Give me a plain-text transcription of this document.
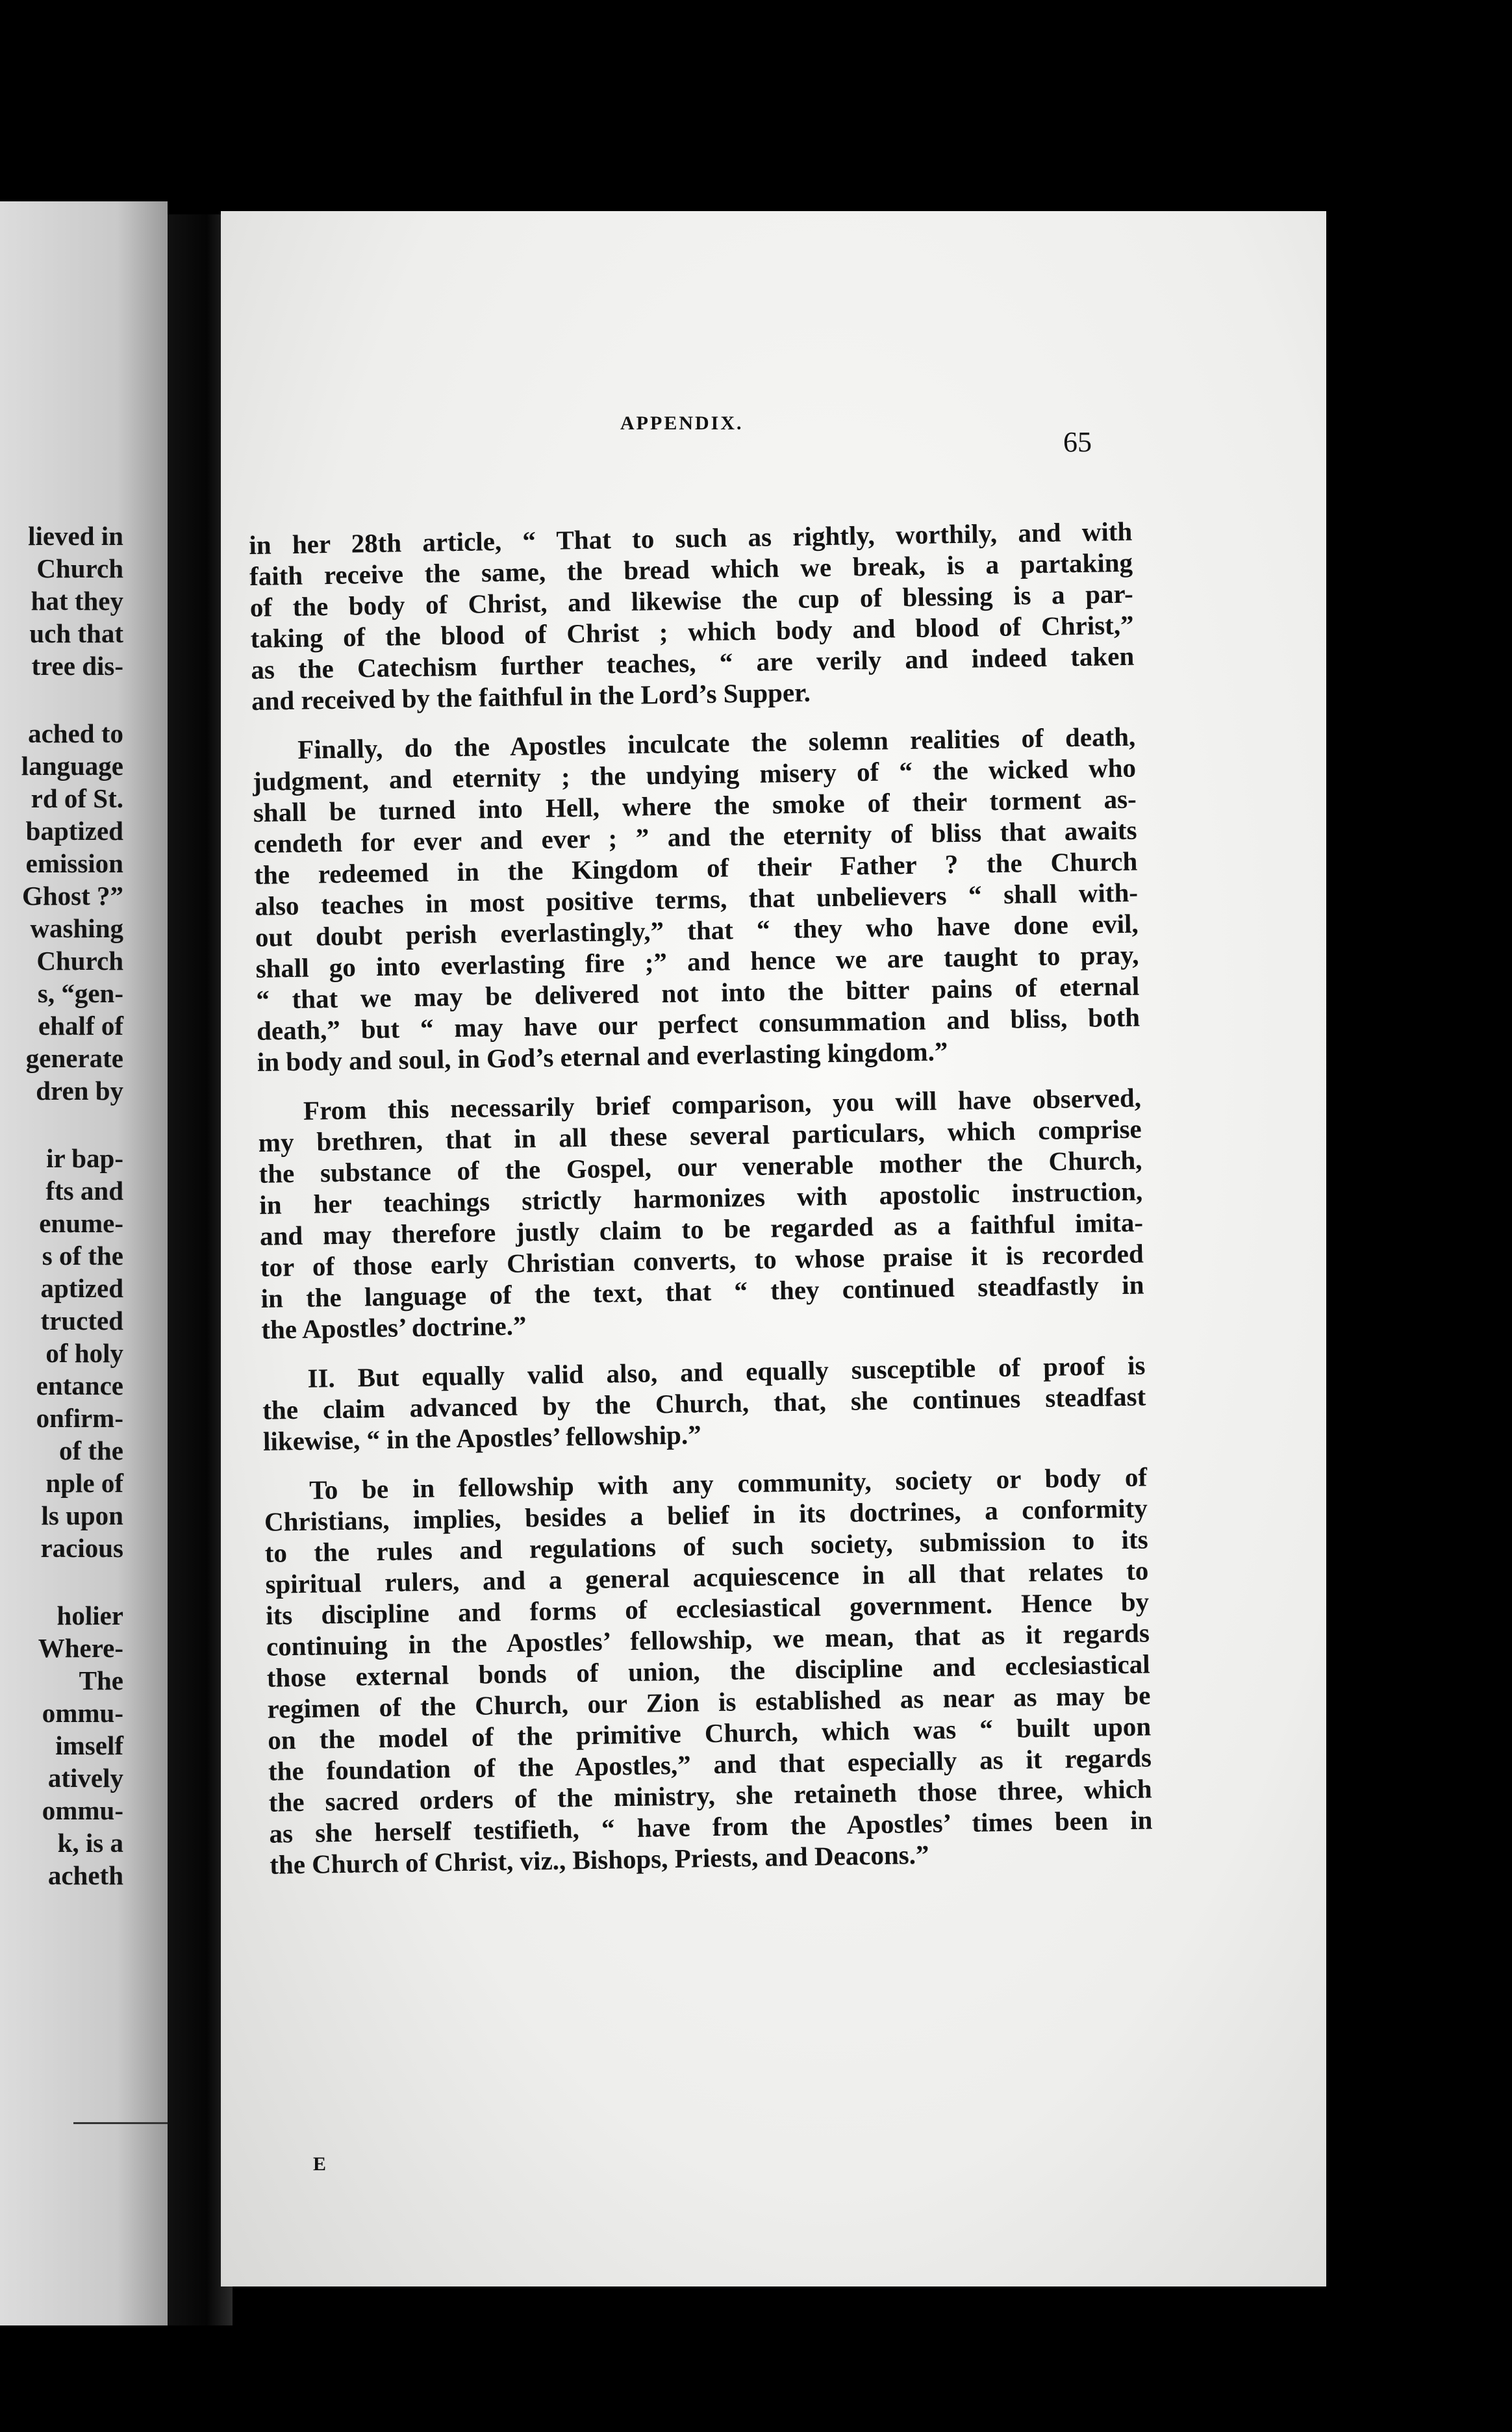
lieved in
Church
hat they
uch that
tree dis-
ached to
language
rd of St.
baptized
emission
Ghost ?”
washing
Church
s, “gen-
ehalf of
generate
dren by
ir bap-
fts and
enume-
s of the
aptized
tructed
of holy
entance
onfirm-
of the
nple of
ls upon
racious
holier
Where-
The
ommu-
imself
atively
ommu-
k, is a
acheth
APPENDIX.
65
in her 28th article, “ That to such as rightly, worthily, and with
faith receive the same, the bread which we break, is a partaking
of the body of Christ, and likewise the cup of blessing is a par-
taking of the blood of Christ ; which body and blood of Christ,”
as the Catechism further teaches, “ are verily and indeed taken
and received by the faithful in the Lord’s Supper.
Finally, do the Apostles inculcate the solemn realities of death,
judgment, and eternity ; the undying misery of “ the wicked who
shall be turned into Hell, where the smoke of their torment as-
cendeth for ever and ever ; ” and the eternity of bliss that awaits
the redeemed in the Kingdom of their Father ? the Church
also teaches in most positive terms, that unbelievers “ shall with-
out doubt perish everlastingly,” that “ they who have done evil,
shall go into everlasting fire ;” and hence we are taught to pray,
“ that we may be delivered not into the bitter pains of eternal
death,” but “ may have our perfect consummation and bliss, both
in body and soul, in God’s eternal and everlasting kingdom.”
From this necessarily brief comparison, you will have observed,
my brethren, that in all these several particulars, which comprise
the substance of the Gospel, our venerable mother the Church,
in her teachings strictly harmonizes with apostolic instruction,
and may therefore justly claim to be regarded as a faithful imita-
tor of those early Christian converts, to whose praise it is recorded
in the language of the text, that “ they continued steadfastly in
the Apostles’ doctrine.”
II. But equally valid also, and equally susceptible of proof is
the claim advanced by the Church, that, she continues steadfast
likewise, “ in the Apostles’ fellowship.”
To be in fellowship with any community, society or body of
Christians, implies, besides a belief in its doctrines, a conformity
to the rules and regulations of such society, submission to its
spiritual rulers, and a general acquiescence in all that relates to
its discipline and forms of ecclesiastical government. Hence by
continuing in the Apostles’ fellowship, we mean, that as it regards
those external bonds of union, the discipline and ecclesiastical
regimen of the Church, our Zion is established as near as may be
on the model of the primitive Church, which was “ built upon
the foundation of the Apostles,” and that especially as it regards
the sacred orders of the ministry, she retaineth those three, which
as she herself testifieth, “ have from the Apostles’ times been in
the Church of Christ, viz., Bishops, Priests, and Deacons.”
E
